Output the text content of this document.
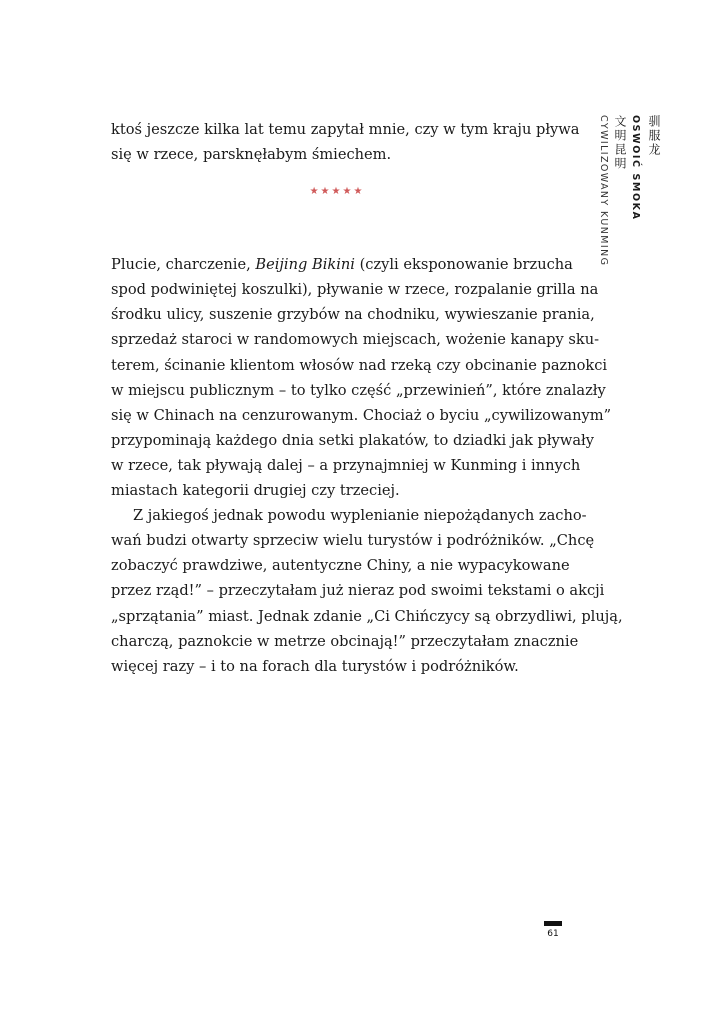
驯服龙
OSWOIĆ SMOKA
文明昆明
CYWILIZOWANY KUNMING
ktoś jeszcze kilka lat temu zapytał mnie, czy w tym kraju pływa
się w rzece, parsknęłabym śmiechem.
★★★★★
Plucie, charczenie, Beijing Bikini (czyli eksponowanie brzucha
spod podwiniętej koszulki), pływanie w rzece, rozpalanie grilla na
środku ulicy, suszenie grzybów na chodniku, wywieszanie prania,
sprzedaż staroci w randomowych miejscach, wożenie kanapy sku-
terem, ścinanie klientom włosów nad rzeką czy obcinanie paznokci
w miejscu publicznym – to tylko część „przewinień”, które znalazły
się w Chinach na cenzurowanym. Chociaż o byciu „cywilizowanym”
przypominają każdego dnia setki plakatów, to dziadki jak pływały
w rzece, tak pływają dalej – a przynajmniej w Kunming i innych
miastach kategorii drugiej czy trzeciej.
Z jakiegoś jednak powodu wyplenianie niepożądanych zacho-
wań budzi otwarty sprzeciw wielu turystów i podróżników. „Chcę
zobaczyć prawdziwe, autentyczne Chiny, a nie wypacykowane
przez rząd!” – przeczytałam już nieraz pod swoimi tekstami o akcji
„sprzątania” miast. Jednak zdanie „Ci Chińczycy są obrzydliwi, plują,
charczą, paznokcie w metrze obcinają!” przeczytałam znacznie
więcej razy – i to na forach dla turystów i podróżników.
61
